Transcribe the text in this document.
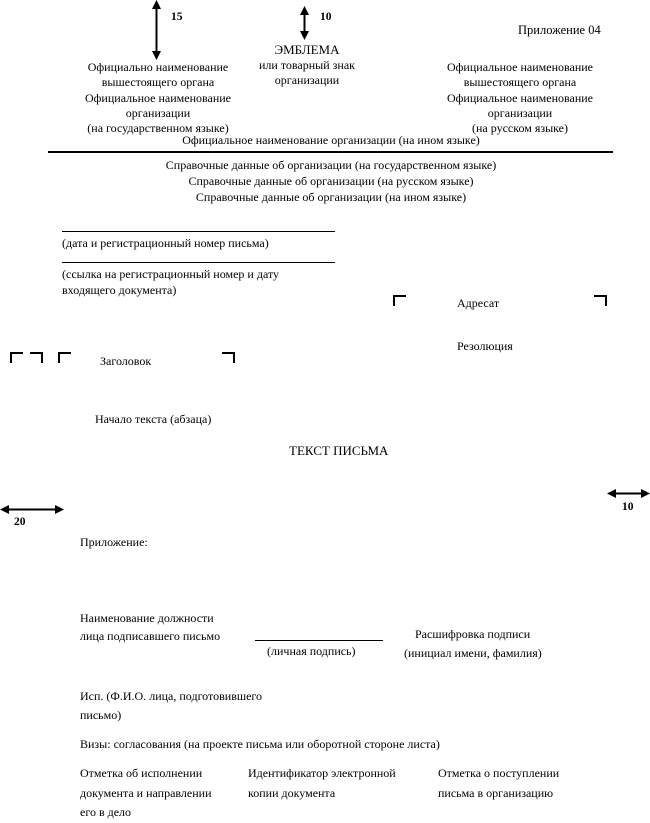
15	10
Приложение 04
Официально наименование
вышестоящего органа
Официальное наименование
организации
(на государственном языке)
ЭМБЛЕМА
или товарный знак
организации
Официальное наименование
вышестоящего органа
Официальное наименование
организации
(на русском языке)
Официальное наименование организации (на ином языке)
Справочные данные об организации (на государственном языке)
Справочные данные об организации (на русском языке)
Справочные данные об организации (на ином языке)
(дата и регистрационный номер письма)
(ссылка на регистрационный номер и дату
входящего документа)
Адресат
Резолюция
Заголовок
Начало текста (абзаца)
ТЕКСТ ПИСЬМА
20
10
Приложение:
Наименование должности
лица подписавшего письмо
(личная подпись)
Расшифровка подписи
(инициал имени, фамилия)
Исп. (Ф.И.О. лица, подготовившего
письмо)
Визы: согласования (на проекте письма или оборотной стороне листа)
Отметка об исполнении
документа и направлении
его в дело
Идентификатор электронной
копии документа
Отметка о поступлении
письма в организацию
